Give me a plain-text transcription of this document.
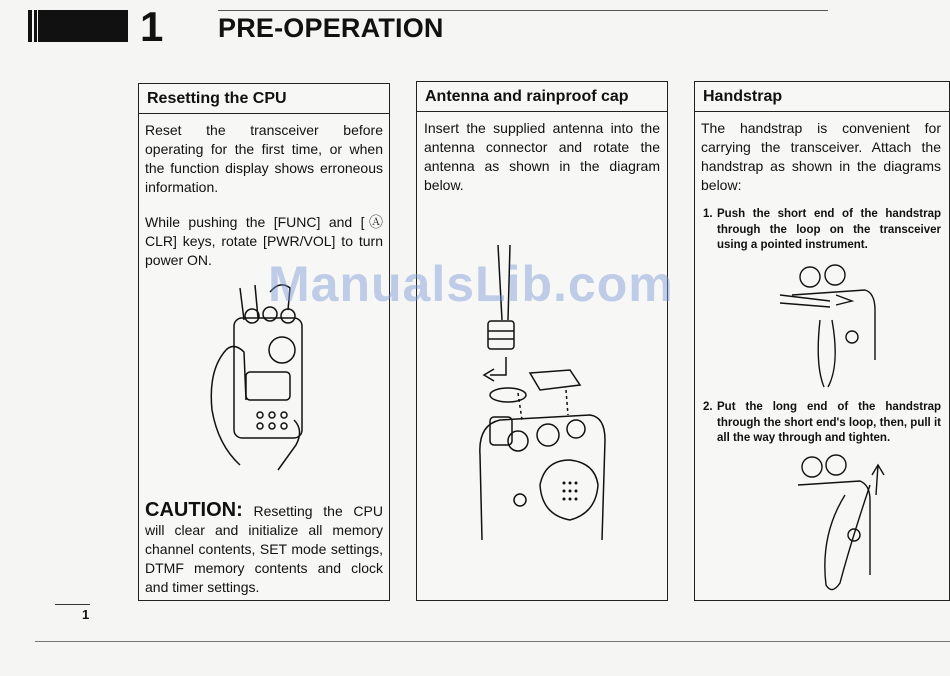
1 PRE-OPERATION
Resetting the CPU
Reset the transceiver before operating for the first time, or when the function display shows erroneous information.
While pushing the [FUNC] and [Ⓐ CLR] keys, rotate [PWR/VOL] to turn power ON.
CAUTION: Resetting the CPU will clear and initialize all memory channel contents, SET mode settings, DTMF memory contents and clock and timer settings.
Antenna and rainproof cap
Insert the supplied antenna into the antenna connector and rotate the antenna as shown in the diagram below.
Handstrap
The handstrap is convenient for carrying the transceiver. Attach the handstrap as shown in the diagrams below:
1. Push the short end of the handstrap through the loop on the transceiver using a pointed instrument.
2. Put the long end of the handstrap through the short end's loop, then, pull it all the way through and tighten.
ManualsLib.com
1
